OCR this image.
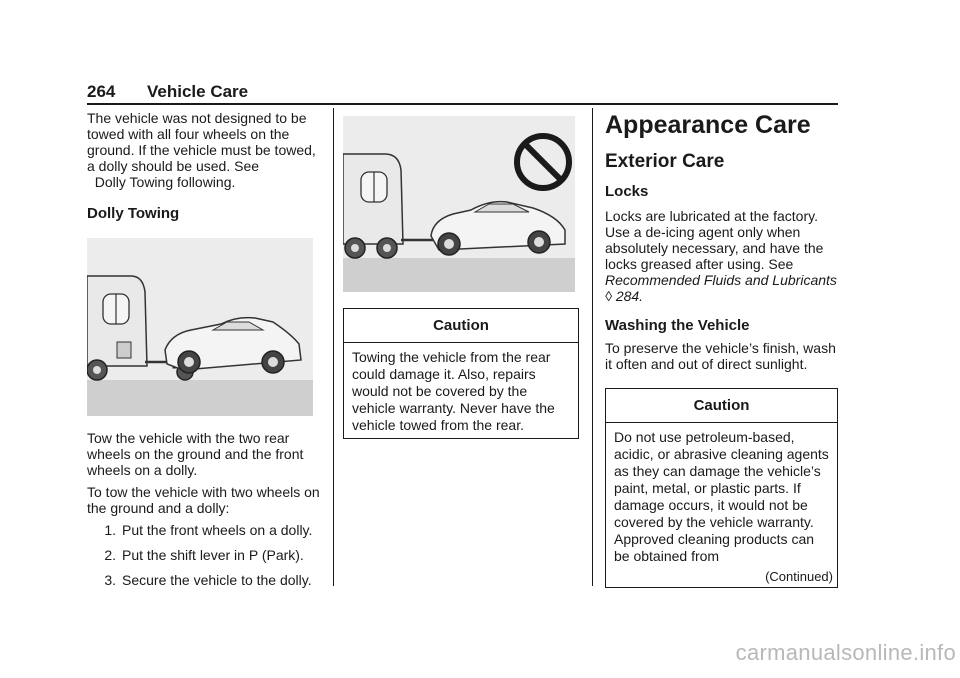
264 Vehicle Care

The vehicle was not designed to be towed with all four wheels on the ground. If the vehicle must be towed, a dolly should be used. See
Dolly Towing following.

Dolly Towing

Tow the vehicle with the two rear wheels on the ground and the front wheels on a dolly.

To tow the vehicle with two wheels on the ground and a dolly:

1. Put the front wheels on a dolly.
2. Put the shift lever in P (Park).
3. Secure the vehicle to the dolly.
Caution
Towing the vehicle from the rear could damage it. Also, repairs would not be covered by the vehicle warranty. Never have the vehicle towed from the rear.
Appearance Care
Exterior Care
Locks

Locks are lubricated at the factory. Use a de-icing agent only when absolutely necessary, and have the locks greased after using. See
Recommended Fluids and Lubricants ◊ 284.

Washing the Vehicle

To preserve the vehicle’s finish, wash it often and out of direct sunlight.

Caution
Do not use petroleum-based, acidic, or abrasive cleaning agents as they can damage the vehicle’s paint, metal, or plastic parts. If damage occurs, it would not be covered by the vehicle warranty. Approved cleaning products can be obtained from
(Continued)
carmanualsonline.info
